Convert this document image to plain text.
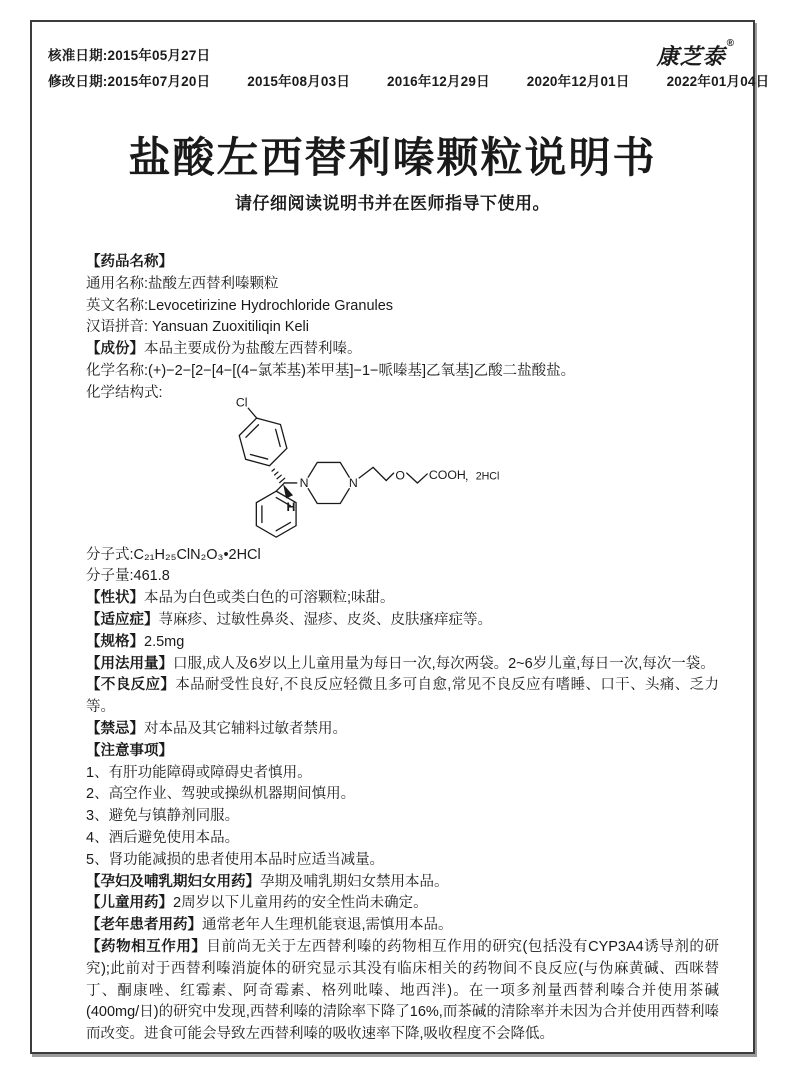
核准日期:2015年05月27日
修改日期:2015年07月20日	2015年08月03日	2016年12月29日	2020年12月01日	2022年01月04日
康芝泰®
盐酸左西替利嗪颗粒说明书
请仔细阅读说明书并在医师指导下使用。

【药品名称】

通用名称:盐酸左西替利嗪颗粒

英文名称:Levocetirizine Hydrochloride Granules

汉语拼音: Yansuan Zuoxitiliqin Keli

【成份】本品主要成份为盐酸左西替利嗪。

化学名称:(+)−2−[2−[4−[(4−氯苯基)苯甲基]−1−哌嗪基]乙氧基]乙酸二盐酸盐。

化学结构式:

Cl
H
N	N
O COOH ，2HCl

分子式:C₂₁H₂₅ClN₂O₃•2HCl

分子量:461.8

【性状】本品为白色或类白色的可溶颗粒;味甜。

【适应症】荨麻疹、过敏性鼻炎、湿疹、皮炎、皮肤瘙痒症等。

【规格】2.5mg

【用法用量】口服,成人及6岁以上儿童用量为每日一次,每次两袋。2~6岁儿童,每日一次,每次一袋。

【不良反应】本品耐受性良好,不良反应轻微且多可自愈,常见不良反应有嗜睡、口干、头痛、乏力等。

【禁忌】对本品及其它辅料过敏者禁用。

【注意事项】

1、有肝功能障碍或障碍史者慎用。

2、高空作业、驾驶或操纵机器期间慎用。

3、避免与镇静剂同服。

4、酒后避免使用本品。

5、肾功能减损的患者使用本品时应适当减量。

【孕妇及哺乳期妇女用药】孕期及哺乳期妇女禁用本品。

【儿童用药】2周岁以下儿童用药的安全性尚未确定。

【老年患者用药】通常老年人生理机能衰退,需慎用本品。

【药物相互作用】目前尚无关于左西替利嗪的药物相互作用的研究(包括没有CYP3A4诱导剂的研究);此前对于西替利嗪消旋体的研究显示其没有临床相关的药物间不良反应(与伪麻黄碱、西咪替丁、酮康唑、红霉素、阿奇霉素、格列吡嗪、地西泮)。在一项多剂量西替利嗪合并使用茶碱(400mg/日)的研究中发现,西替利嗪的清除率下降了16%,而茶碱的清除率并未因为合并使用西替利嗪而改变。进食可能会导致左西替利嗪的吸收速率下降,吸收程度不会降低。
